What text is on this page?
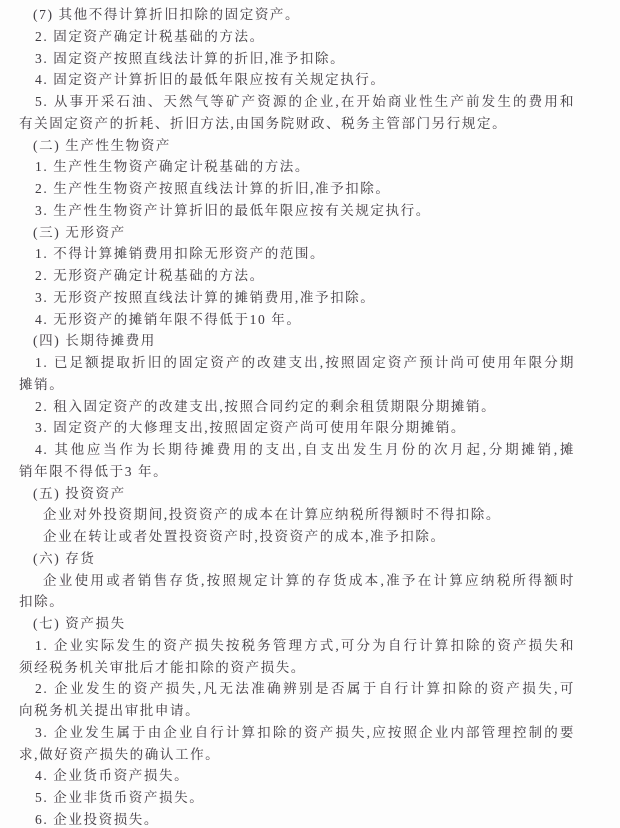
(7) 其他不得计算折旧扣除的固定资产。
2. 固定资产确定计税基础的方法。
3. 固定资产按照直线法计算的折旧,准予扣除。
4. 固定资产计算折旧的最低年限应按有关规定执行。
5. 从事开采石油、天然气等矿产资源的企业,在开始商业性生产前发生的费用和
有关固定资产的折耗、折旧方法,由国务院财政、税务主管部门另行规定。
(二) 生产性生物资产
1. 生产性生物资产确定计税基础的方法。
2. 生产性生物资产按照直线法计算的折旧,准予扣除。
3. 生产性生物资产计算折旧的最低年限应按有关规定执行。
(三) 无形资产
1. 不得计算摊销费用扣除无形资产的范围。
2. 无形资产确定计税基础的方法。
3. 无形资产按照直线法计算的摊销费用,准予扣除。
4. 无形资产的摊销年限不得低于10 年。
(四) 长期待摊费用
1. 已足额提取折旧的固定资产的改建支出,按照固定资产预计尚可使用年限分期
摊销。
2. 租入固定资产的改建支出,按照合同约定的剩余租赁期限分期摊销。
3. 固定资产的大修理支出,按照固定资产尚可使用年限分期摊销。
4. 其他应当作为长期待摊费用的支出,自支出发生月份的次月起,分期摊销,摊
销年限不得低于3 年。
(五) 投资资产
企业对外投资期间,投资资产的成本在计算应纳税所得额时不得扣除。
企业在转让或者处置投资资产时,投资资产的成本,准予扣除。
(六) 存货
企业使用或者销售存货,按照规定计算的存货成本,准予在计算应纳税所得额时
扣除。
(七) 资产损失
1. 企业实际发生的资产损失按税务管理方式,可分为自行计算扣除的资产损失和
须经税务机关审批后才能扣除的资产损失。
2. 企业发生的资产损失,凡无法准确辨别是否属于自行计算扣除的资产损失,可
向税务机关提出审批申请。
3. 企业发生属于由企业自行计算扣除的资产损失,应按照企业内部管理控制的要
求,做好资产损失的确认工作。
4. 企业货币资产损失。
5. 企业非货币资产损失。
6. 企业投资损失。
